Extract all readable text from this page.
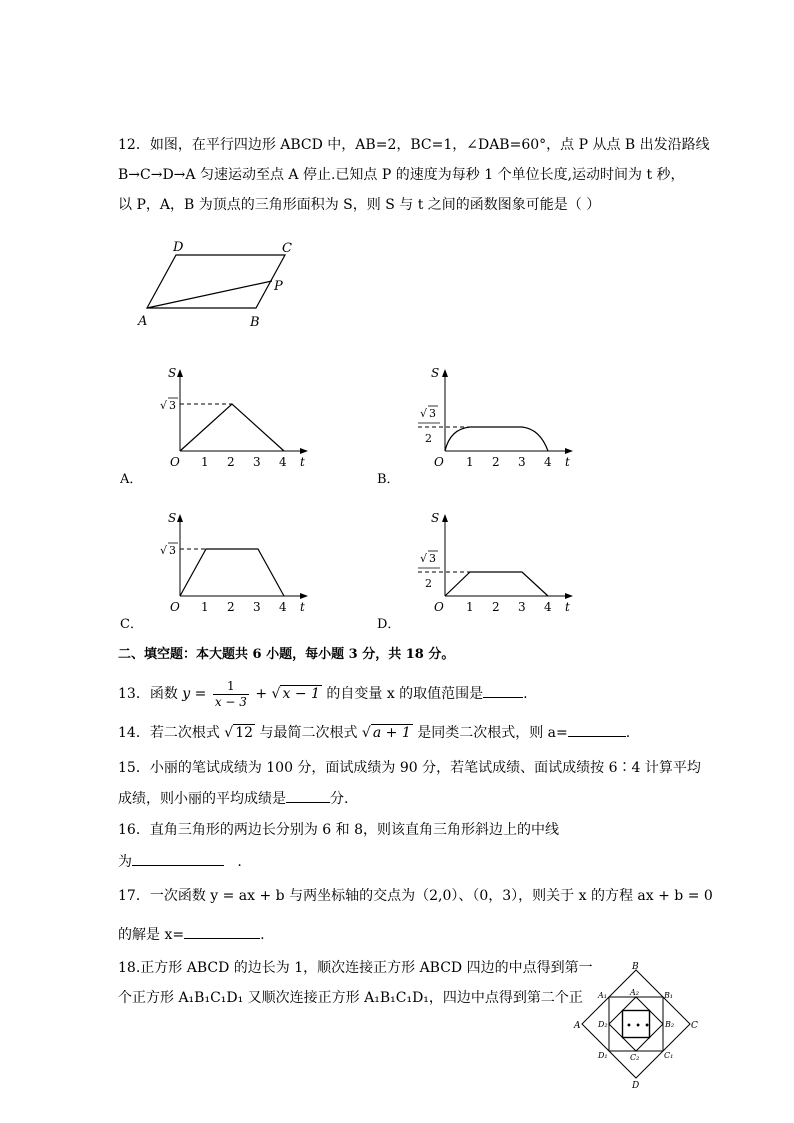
12．如图，在平行四边形 ABCD 中，AB=2，BC=1，∠DAB=60°，点 P 从点 B 出发沿路线
B→C→D→A 匀速运动至点 A 停止.已知点 P 的速度为每秒 1 个单位长度,运动时间为 t 秒，
以 P，A，B 为顶点的三角形面积为 S，则 S 与 t 之间的函数图象可能是（ ）
D	C
A	B
P
S
t
O 1 2 3 4
√ 3
A．
S
t
O 1 2 3 4
√ 3
2
B．
S
t
O 1 2 3 4
√ 3
C．
S
t
O 1 2 3 4
√ 3
2
D．
二、填空题：本大题共 6 小题，每小题 3 分，共 18 分。
13．函数 $y = \frac{1}{x - 3}$ + √ x − 1 的自变量 x 的取值范围是	.
14．若二次根式 √ 12 与最简二次根式 √ a + 1 是同类二次根式，则 a=	.
15．小丽的笔试成绩为 100 分，面试成绩为 90 分，若笔试成绩、面试成绩按 6∶4 计算平均
成绩，则小丽的平均成绩是	分.
16．直角三角形的两边长分别为 6 和 8，则该直角三角形斜边上的中线
为	.
17．一次函数 y = ax + b 与两坐标轴的交点为（2,0）、（0，3），则关于 x 的方程 ax + b = 0
的解是 x=	.
18.正方形 ABCD 的边长为 1，顺次连接正方形 ABCD 四边的中点得到第一
个正方形 A₁B₁C₁D₁ 又顺次连接正方形 A₁B₁C₁D₁，四边中点得到第二个正
• • •
B
C
D
A
A₁	B₁
C₁
D₁
A₂
B₂
C₂
D₂
